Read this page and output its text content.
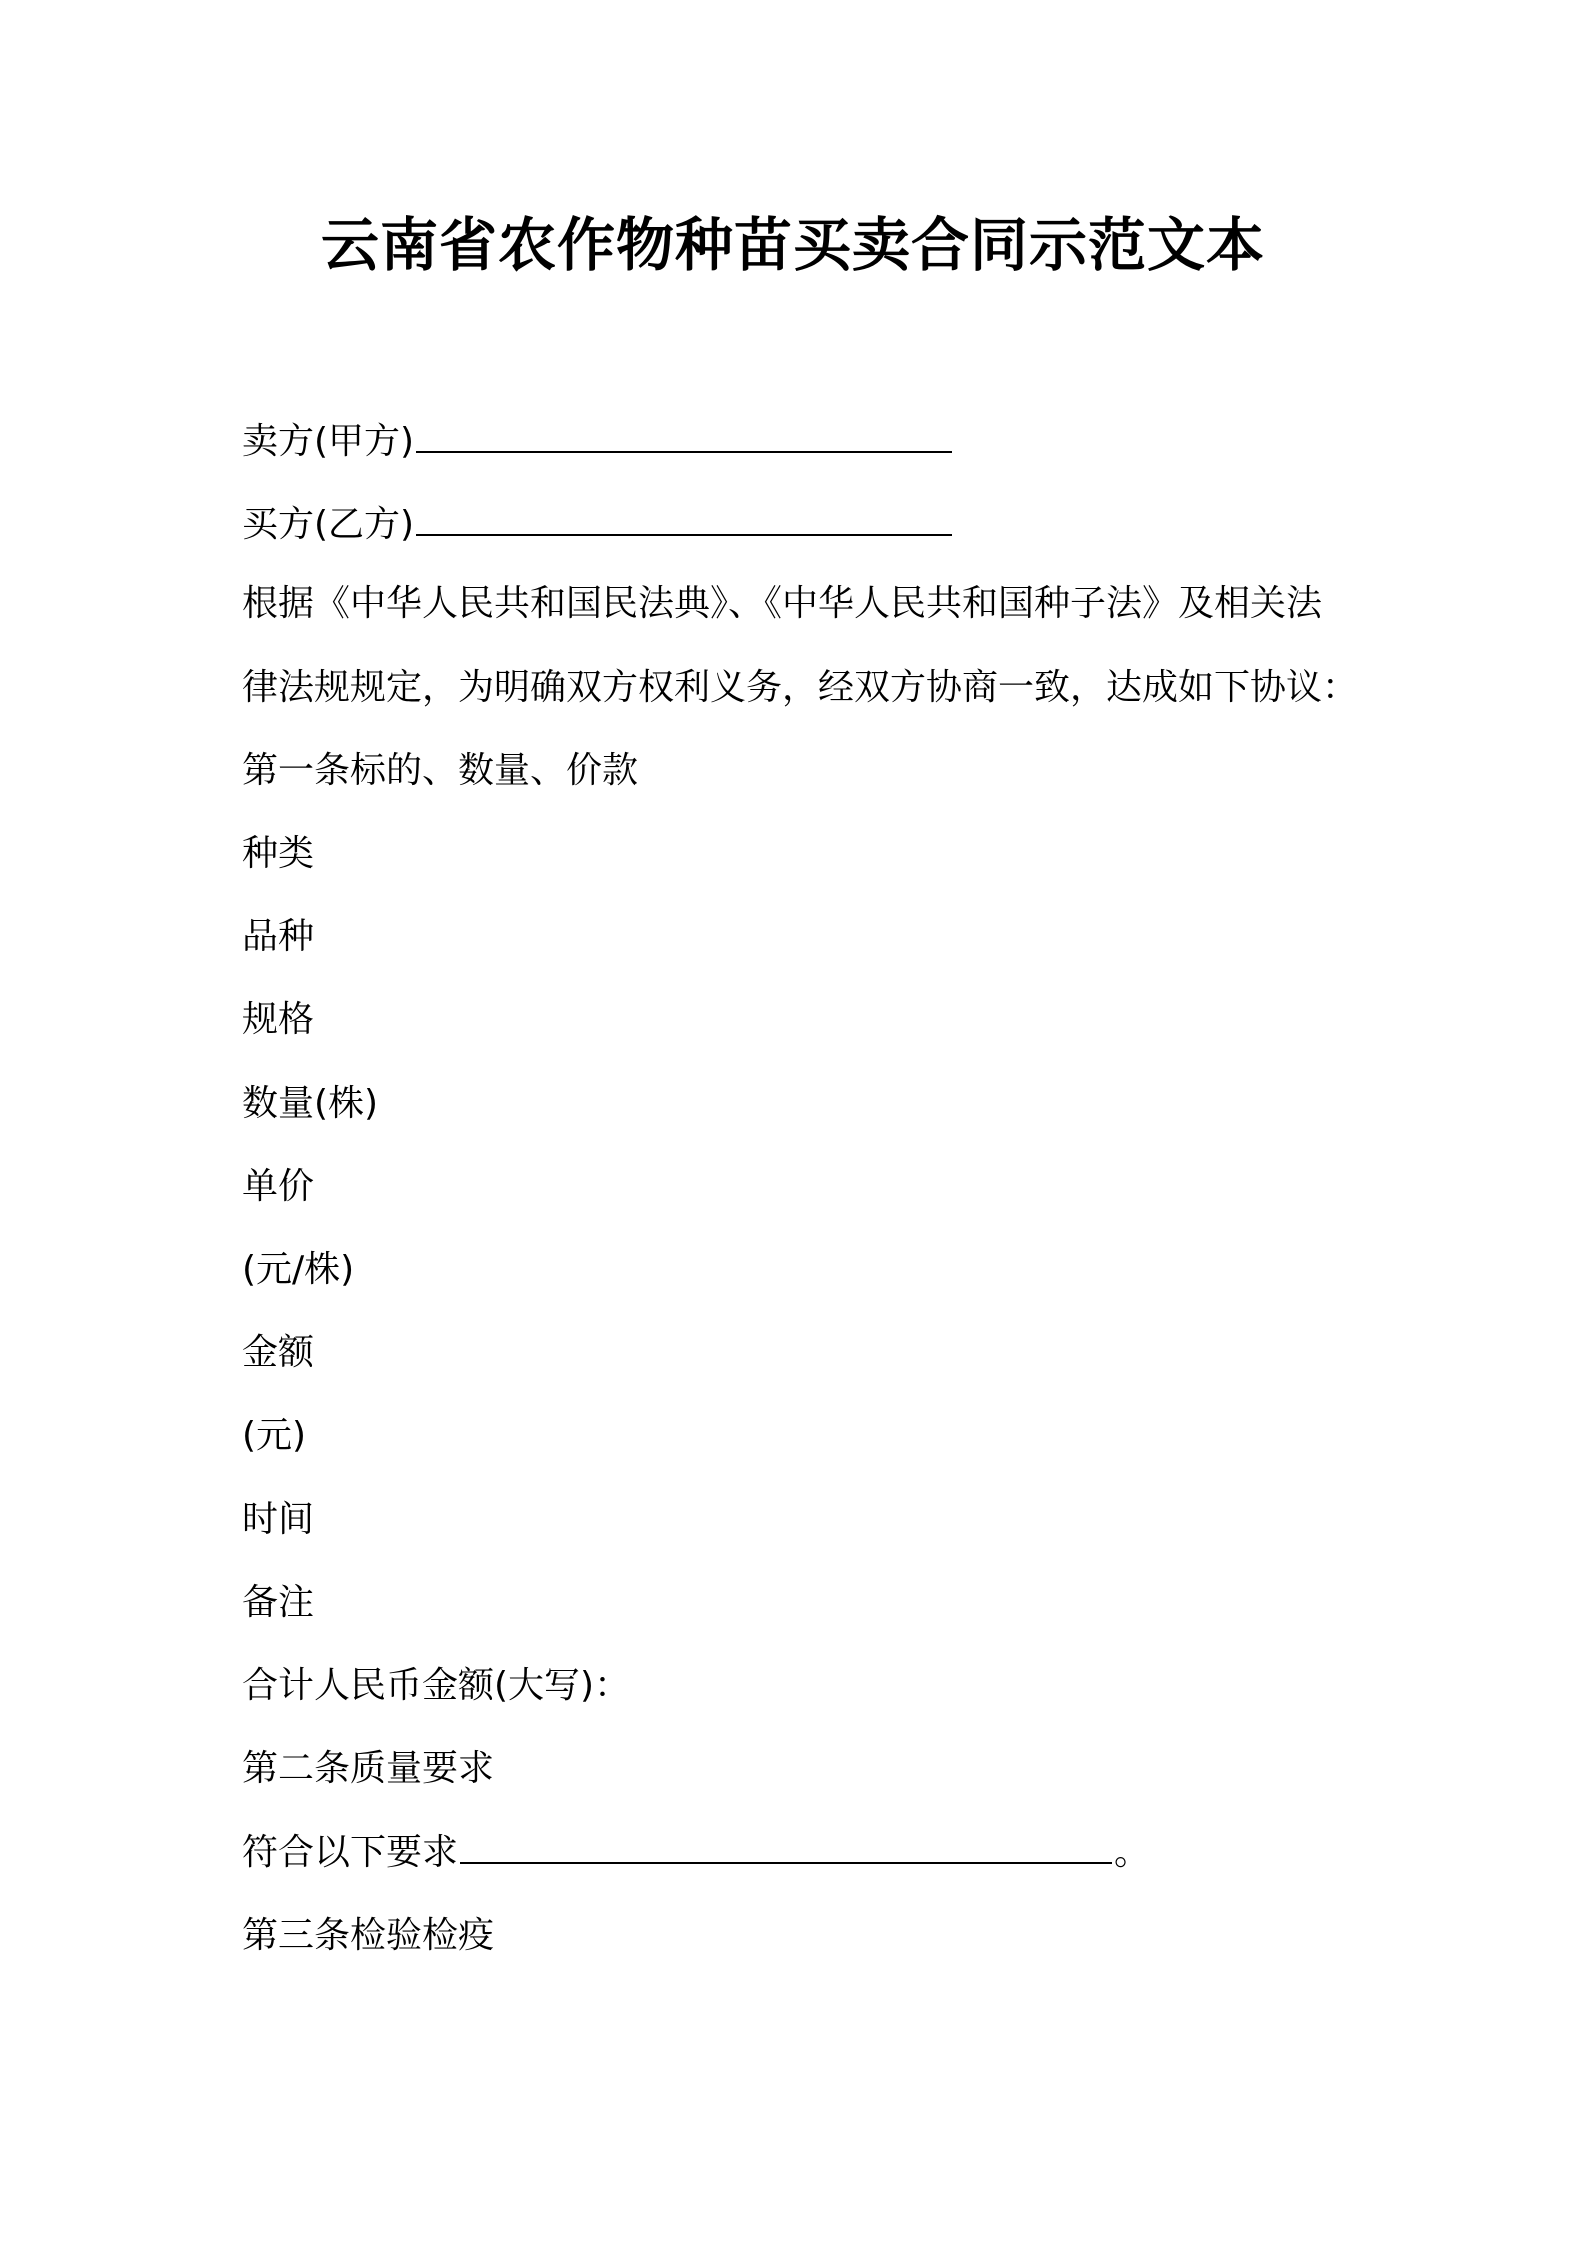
云南省农作物种苗买卖合同示范文本
卖方(甲方)
买方(乙方)
根据《中华人民共和国民法典》、《中华人民共和国种子法》及相关法
律法规规定，为明确双方权利义务，经双方协商一致，达成如下协议：
第一条标的、数量、价款
种类
品种
规格
数量(株)
单价
(元/株)
金额
(元)
时间
备注
合计人民币金额(大写)：
第二条质量要求
符合以下要求	。
第三条检验检疫
